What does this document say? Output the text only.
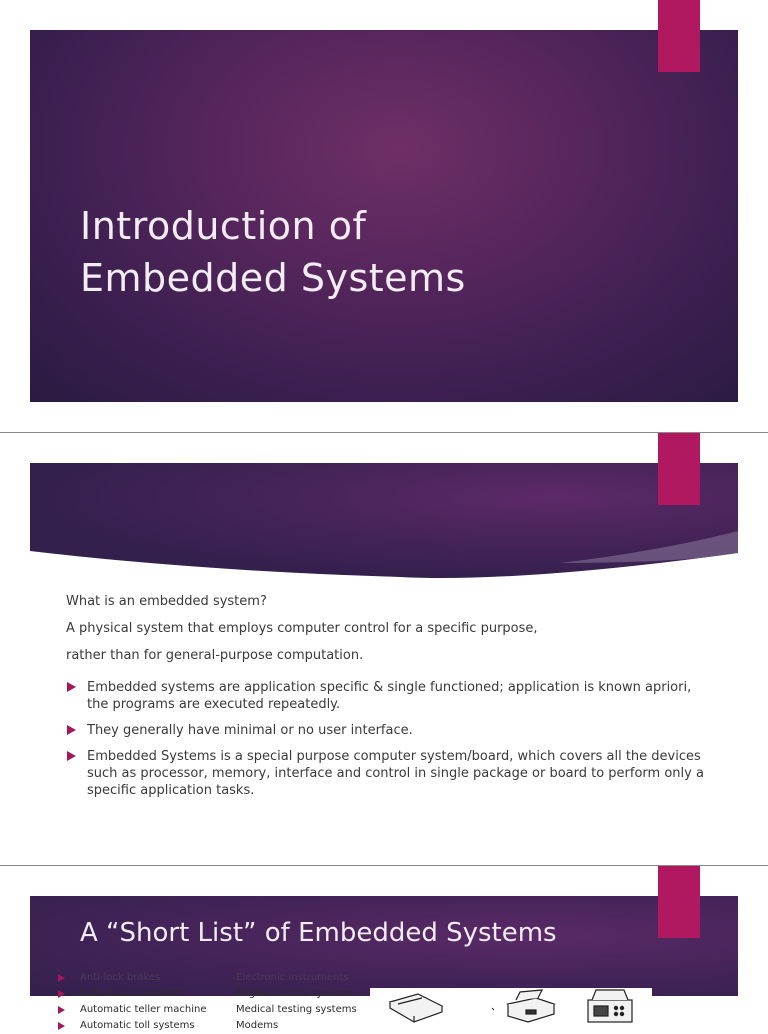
Introduction of
Embedded Systems

What is an embedded system?

A physical system that employs computer control for a specific purpose,

rather than for general-purpose computation.

Embedded systems are application specific & single functioned; application is known apriori, the programs are executed repeatedly.
They generally have minimal or no user interface.
Embedded Systems is a special purpose computer system/board, which covers all the devices such as processor, memory, interface and control in single package or board to perform only a specific application tasks.
A “Short List” of Embedded Systems
Anti-lock brakes	Electronic instruments
Auto-focus cameras	Engine control systems
Automatic teller machine	Medical testing systems
Automatic toll systems	Modems
